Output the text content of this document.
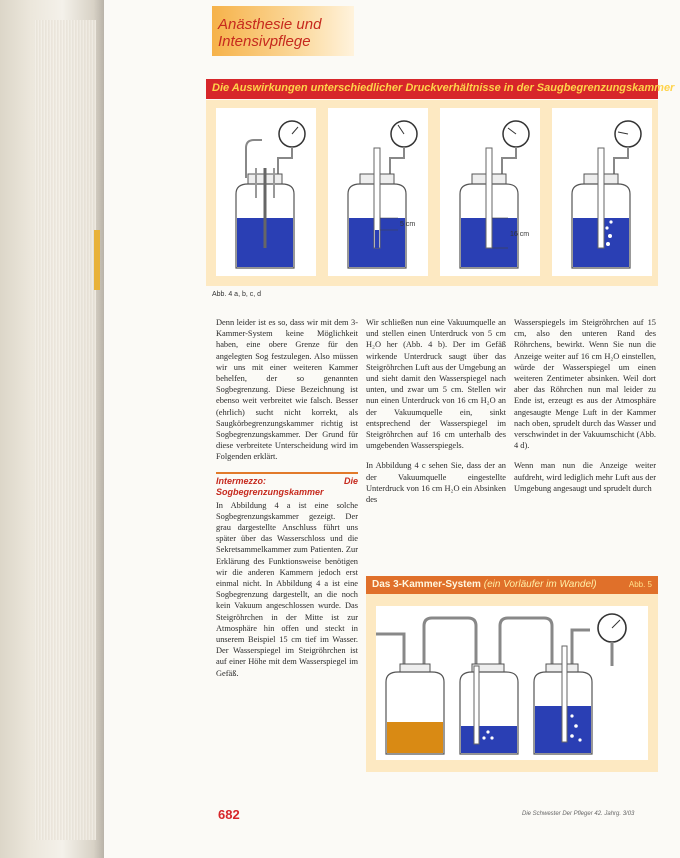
Anästhesie und
Intensivpflege
Die Auswirkungen unterschiedlicher Druckverhältnisse in der Saugbegrenzungskammer
5 cm
16 cm
Abb. 4 a, b, c, d

Denn leider ist es so, dass wir mit dem 3-Kammer-System keine Möglichkeit haben, eine obere Grenze für den angelegten Sog festzulegen. Also müssen wir uns mit einer weiteren Kammer behelfen, der so genannten Sogbegrenzung. Diese Bezeichnung ist ebenso weit verbreitet wie falsch. Besser (ehrlich) sucht nicht korrekt, als Saugkörbegrenzungskammer richtig ist Sogbegrenzungskammer. Der Grund für diese verbreitete Unterscheidung wird im Folgenden erklärt.

Intermezzo: Die Sogbegrenzungskammer

In Abbildung 4 a ist eine solche Sogbegrenzungskammer gezeigt. Der grau dargestellte Anschluss führt uns später über das Wasserschloss und die Sekretsammelkammer zum Patienten. Zur Erklärung des Funktionsweise benötigen wir die anderen Kammern jedoch erst einmal nicht. In Abbildung 4 a ist eine Sogbegrenzung dargestellt, an die noch kein Vakuum angeschlossen wurde. Das Steigröhrchen in der Mitte ist zur Atmosphäre hin offen und steckt in unserem Beispiel 15 cm tief im Wasser. Der Wasserspiegel im Steigröhrchen ist auf einer Höhe mit dem Wasserspiegel im Gefäß.

Wir schließen nun eine Vakuumquelle an und stellen einen Unterdruck von 5 cm H₂O her (Abb. 4 b). Der im Gefäß wirkende Unterdruck saugt über das Steigröhrchen Luft aus der Umgebung an und sieht damit den Wasserspiegel nach unten, und zwar um 5 cm. Stellen wir nun einen Unterdruck von 16 cm H₂O an der Vakuumquelle ein, sinkt entsprechend der Wasserspiegel im Steigröhrchen auf 16 cm unterhalb des umgebenden Wasserspiegels.

In Abbildung 4 c sehen Sie, dass der an der Vakuumquelle eingestellte Unterdruck von 16 cm H₂O ein Absinken des

Wasserspiegels im Steigröhrchen auf 15 cm, also den unteren Rand des Röhrchens, bewirkt. Wenn Sie nun die Anzeige weiter auf 16 cm H₂O einstellen, würde der Wasserspiegel um einen weiteren Zentimeter absinken. Weil dort aber das Röhrchen nun mal leider zu Ende ist, erzeugt es aus der Atmosphäre angesaugte Menge Luft in der Kammer nach oben, sprudelt durch das Wasser und verschwindet in der Vakuumschicht (Abb. 4 d).

Wenn man nun die Anzeige weiter aufdreht, wird lediglich mehr Luft aus der Umgebung angesaugt und sprudelt durch

Das 3-Kammer-System (ein Vorläufer im Wandel)	Abb. 5
682	Die Schwester Der Pfleger 42. Jahrg. 3/03
